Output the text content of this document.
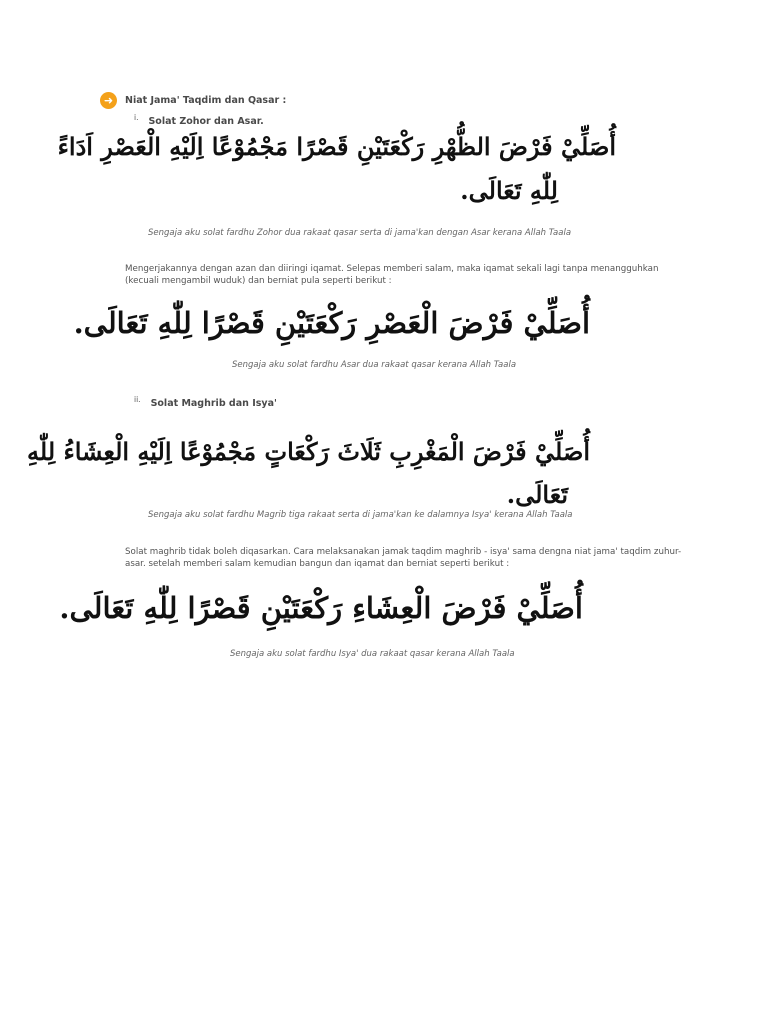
➜	Niat Jama' Taqdim dan Qasar :
i. Solat Zohor dan Asar.
أُصَلِّيْ فَرْضَ الظُّهْرِ رَكْعَتَيْنِ قَصْرًا مَجْمُوْعًا اِلَيْهِ الْعَصْرِ اَدَاءً
لِلّٰهِ تَعَالَى.
Sengaja aku solat fardhu Zohor dua rakaat qasar serta di jama'kan dengan Asar kerana Allah Taala
Mengerjakannya dengan azan dan diiringi iqamat. Selepas memberi salam, maka iqamat sekali lagi tanpa menangguhkan (kecuali mengambil wuduk) dan berniat pula seperti berikut :
أُصَلِّيْ فَرْضَ الْعَصْرِ رَكْعَتَيْنِ قَصْرًا لِلّٰهِ تَعَالَى.
Sengaja aku solat fardhu Asar dua rakaat qasar kerana Allah Taala
ii. Solat Maghrib dan Isya'
أُصَلِّيْ فَرْضَ الْمَغْرِبِ ثَلَاثَ رَكْعَاتٍ مَجْمُوْعًا اِلَيْهِ الْعِشَاءُ لِلّٰهِ
تَعَالَى.
Sengaja aku solat fardhu Magrib tiga rakaat serta di jama'kan ke dalamnya Isya' kerana Allah Taala
Solat maghrib tidak boleh diqasarkan. Cara melaksanakan jamak taqdim maghrib - isya' sama dengna niat jama' taqdim zuhur-asar. setelah memberi salam kemudian bangun dan iqamat dan berniat seperti berikut :
أُصَلِّيْ فَرْضَ الْعِشَاءِ رَكْعَتَيْنِ قَصْرًا لِلّٰهِ تَعَالَى.
Sengaja aku solat fardhu Isya' dua rakaat qasar kerana Allah Taala
